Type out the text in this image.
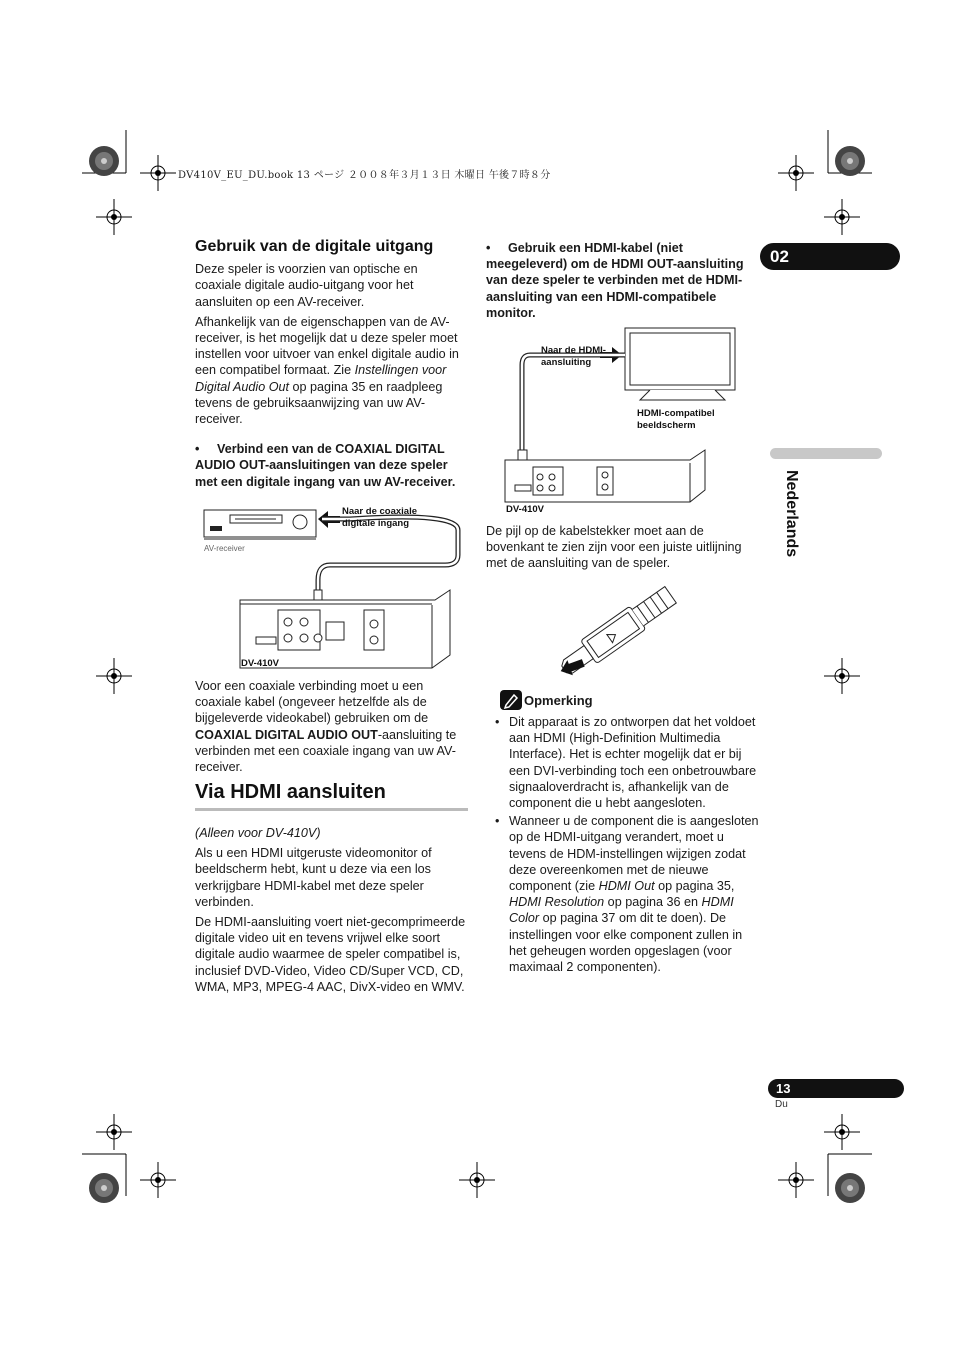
DV410V_EU_DU.book 13 ページ ２００８年３月１３日 木曜日 午後７時８分
Gebruik van de digitale uitgang

Deze speler is voorzien van optische en coaxiale digitale audio-uitgang voor het aansluiten op een AV-receiver.

Afhankelijk van de eigenschappen van de AV-receiver, is het mogelijk dat u deze speler moet instellen voor uitvoer van enkel digitale audio in een compatibel formaat. Zie Instellingen voor Digital Audio Out op pagina 35 en raadpleeg tevens de gebruiksaanwijzing van uw AV-receiver.

• Verbind een van de COAXIAL DIGITAL AUDIO OUT-aansluitingen van deze speler met een digitale ingang van uw AV-receiver.
Naar de coaxiale digitale ingang
AV-receiver
DV-410V

Voor een coaxiale verbinding moet u een coaxiale kabel (ongeveer hetzelfde als de bijgeleverde videokabel) gebruiken om de COAXIAL DIGITAL AUDIO OUT-aansluiting te verbinden met een coaxiale ingang van uw AV-receiver.

Via HDMI aansluiten

(Alleen voor DV-410V)

Als u een HDMI uitgeruste videomonitor of beeldscherm hebt, kunt u deze via een los verkrijgbare HDMI-kabel met deze speler verbinden.

De HDMI-aansluiting voert niet-gecomprimeerde digitale video uit en tevens vrijwel elke soort digitale audio waarmee de speler compatibel is, inclusief DVD-Video, Video CD/Super VCD, CD, WMA, MP3, MPEG-4 AAC, DivX-video en WMV.

• Gebruik een HDMI-kabel (niet meegeleverd) om de HDMI OUT-aansluiting van deze speler te verbinden met de HDMI-aansluiting van een HDMI-compatibele monitor.
Naar de HDMI-aansluiting
HDMI-compatibel beeldscherm
DV-410V

De pijl op de kabelstekker moet aan de bovenkant te zien zijn voor een juiste uitlijning met de aansluiting van de speler.

Opmerking
• Dit apparaat is zo ontworpen dat het voldoet aan HDMI (High-Definition Multimedia Interface). Het is echter mogelijk dat er bij een DVI-verbinding toch een onbetrouwbare signaaloverdracht is, afhankelijk van de component die u hebt aangesloten.
• Wanneer u de component die is aangesloten op de HDMI-uitgang verandert, moet u tevens de HDM-instellingen wijzigen zodat deze overeenkomen met de nieuwe component (zie HDMI Out op pagina 35, HDMI Resolution op pagina 36 en HDMI Color op pagina 37 om dit te doen). De instellingen voor elke component zullen in het geheugen worden opgeslagen (voor maximaal 2 componenten).
02
Nederlands
13
Du
